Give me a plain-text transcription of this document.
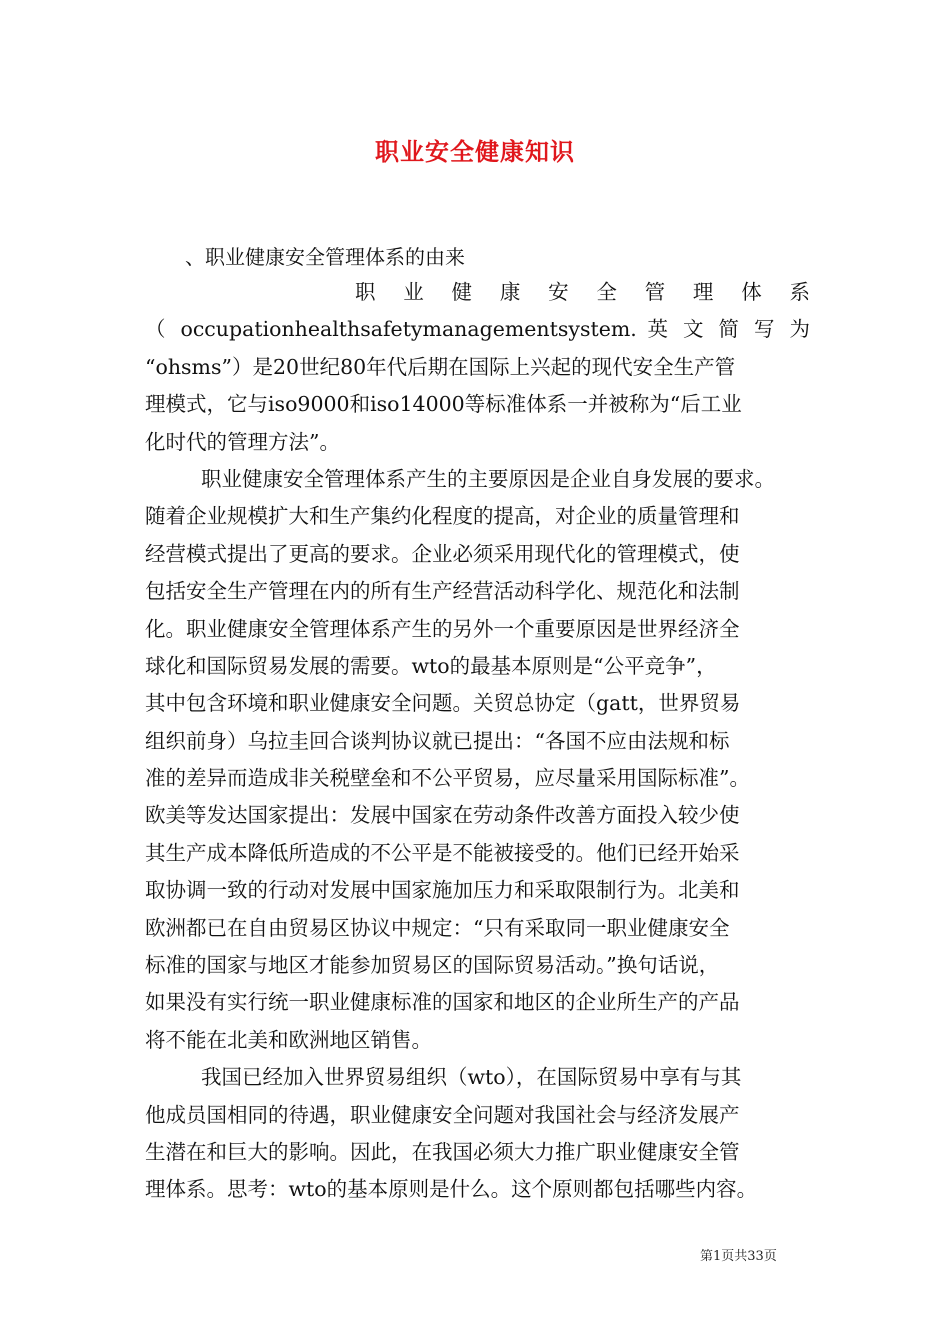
职业安全健康知识
、职业健康安全管理体系的由来
职 业 健 康 安 全 管 理 体 系
（ occupationhealthsafetymanagementsystem. 英 文 简 写 为
“ohsms”）是20世纪80年代后期在国际上兴起的现代安全生产管
理模式，它与iso9000和iso14000等标准体系一并被称为“后工业
化时代的管理方法”。
职业健康安全管理体系产生的主要原因是企业自身发展的要求。
随着企业规模扩大和生产集约化程度的提高，对企业的质量管理和
经营模式提出了更高的要求。企业必须采用现代化的管理模式，使
包括安全生产管理在内的所有生产经营活动科学化、规范化和法制
化。职业健康安全管理体系产生的另外一个重要原因是世界经济全
球化和国际贸易发展的需要。wto的最基本原则是“公平竞争”，
其中包含环境和职业健康安全问题。关贸总协定（gatt，世界贸易
组织前身）乌拉圭回合谈判协议就已提出：“各国不应由法规和标
准的差异而造成非关税壁垒和不公平贸易，应尽量采用国际标准”。
欧美等发达国家提出：发展中国家在劳动条件改善方面投入较少使
其生产成本降低所造成的不公平是不能被接受的。他们已经开始采
取协调一致的行动对发展中国家施加压力和采取限制行为。北美和
欧洲都已在自由贸易区协议中规定：“只有采取同一职业健康安全
标准的国家与地区才能参加贸易区的国际贸易活动。”换句话说，
如果没有实行统一职业健康标准的国家和地区的企业所生产的产品
将不能在北美和欧洲地区销售。
我国已经加入世界贸易组织（wto），在国际贸易中享有与其
他成员国相同的待遇，职业健康安全问题对我国社会与经济发展产
生潜在和巨大的影响。因此，在我国必须大力推广职业健康安全管
理体系。思考：wto的基本原则是什么。这个原则都包括哪些内容。
第1页共33页
